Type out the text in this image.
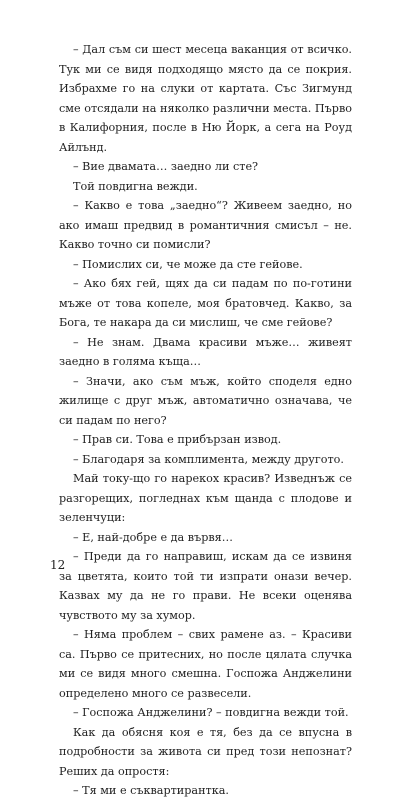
– Дал съм си шест месеца ваканция от всичко. Тук ми се видя подходящо място да се покрия. Избрахме го на слуки от картата. Със Зигмунд сме отсядали на няколко различни места. Първо в Калифорния, после в Ню Йорк, а сега на Роуд Айлънд.

– Вие двамата… заедно ли сте?

Той повдигна вежди.

– Какво е това „заедно“? Живеем заедно, но ако имаш предвид в романтичния смисъл – не. Какво точно си помисли?

– Помислих си, че може да сте гейове.

– Ако бях гей, щях да си падам по по-готини мъже от това копеле, моя братовчед. Какво, за Бога, те накара да си мислиш, че сме гейове?

– Не знам. Двама красиви мъже… живеят заедно в голяма къща…

– Значи, ако съм мъж, който споделя едно жилище с друг мъж, автоматично означава, че си падам по него?

– Прав си. Това е прибързан извод.

– Благодаря за комплимента, между другото.

Май току-що го нарекох красив? Изведнъж се разгорещих, погледнах към щанда с плодове и зеленчуци:

– Е, най-добре е да вървя…

– Преди да го направиш, искам да се извиня за цветята, които той ти изпрати онази вечер. Казвах му да не го прави. Не всеки оценява чувството му за хумор.

– Няма проблем – свих рамене аз. – Красиви са. Първо се притесних, но после цялата случка ми се видя много смешна. Госпожа Анджелини определено много се развесели.

– Госпожа Анджелини? – повдигна вежди той.

Как да обясня коя е тя, без да се впусна в подробности за живота си пред този непознат? Реших да опростя:

– Тя ми е съквартирантка.

12
